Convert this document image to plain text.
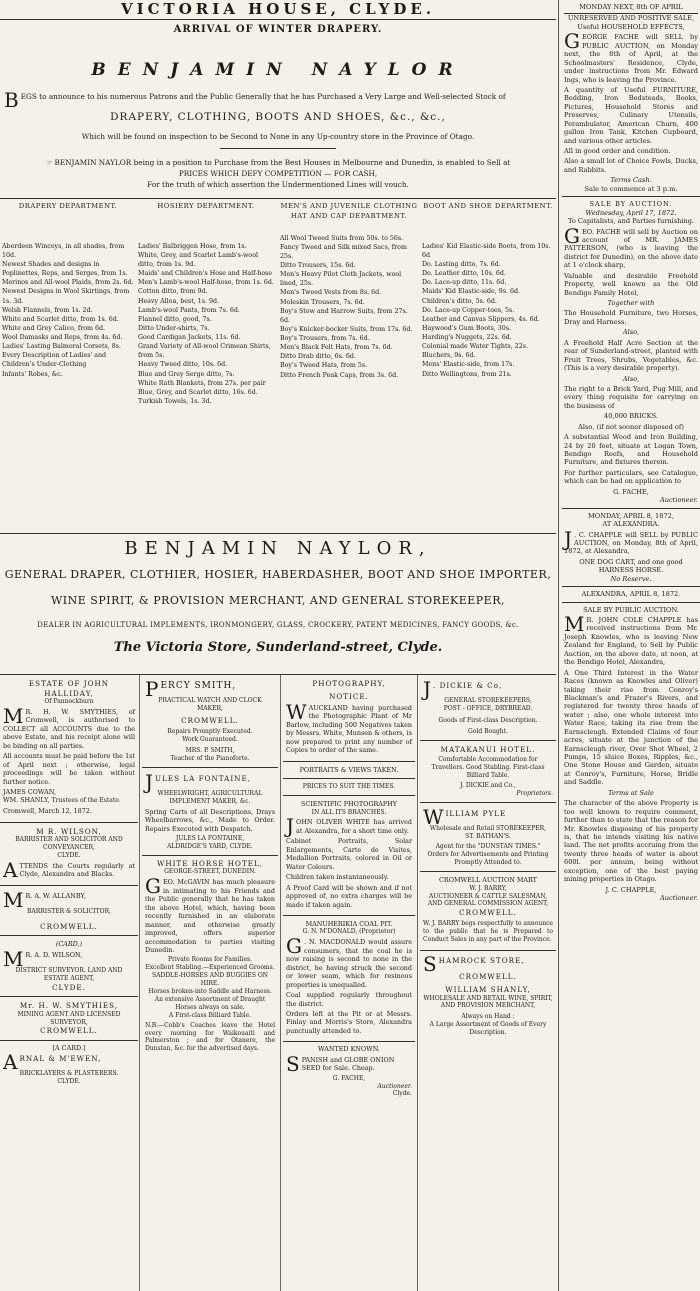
VICTORIA HOUSE, CLYDE.
ARRIVAL OF WINTER DRAPERY.
BENJAMIN NAYLOR
BEGS to announce to his numerous Patrons and the Public Generally that he has Purchased a Very Large and Well-selected Stock of
DRAPERY, CLOTHING, BOOTS AND SHOES, &c., &c.,
Which will be found on inspection to be Second to None in any Up-country store in the Province of Otago.
☞ BENJAMIN NAYLOR being in a position to Purchase from the Best Houses in Melbourne and Dunedin, is enabled to Sell at
PRICES WHICH DEFY COMPETITION — FOR CASH,
For the truth of which assertion the Undermentioned Lines will vouch.
DRAPERY DEPARTMENT.
Aberdeen Winceys, in all shades, from 10d.
Newest Shades and designs in Poplinettes, Reps, and Serges, from 1s.
Merinos and All-wool Plaids, from 2s. 6d.
Newest Designs in Wool Skirtings, from 1s. 3d.
Welsh Flannels, from 1s. 2d.
White and Scarlet ditto, from 1s. 6d.
White and Grey Calico, from 6d.
Wool Damasks and Reps, from 4s. 6d.
Ladies' Lasting Balmoral Corsets, 8s.
Every Description of Ladies' and Children's Under-Clothing
Infants' Robes, &c.
HOSIERY DEPARTMENT.
Ladies' Balbriggen Hose, from 1s.
White, Grey, and Scarlet Lamb's-wool ditto, from 1s. 9d.
Maids' and Children's Hose and Half-hose
Men's Lamb's-wool Half-hose, from 1s. 6d.
Cotton ditto, from 9d.
Heavy Alloa, best, 1s. 9d.
Lamb's-wool Pants, from 7s. 6d.
Flannel ditto, good, 7s.
Ditto Under-shirts, 7s.
Good Cardigan Jackets, 11s. 6d.
Grand Variety of All-wool Crimean Shirts, from 5s.
Heavy Tweed ditto, 10s. 6d.
Blue and Grey Serge ditto, 7s.
White Rath Blankets, from 27s. per pair
Blue, Grey, and Scarlet ditto, 16s. 6d.
Turkish Towels, 1s. 3d.
MEN'S AND JUVENILE CLOTHING HAT AND CAP DEPARTMENT.
All Wool Tweed Suits from 50s. to 56s.
Fancy Tweed and Silk mixed Sacs, from 25s.
Ditto Trousers, 15s. 6d.
Men's Heavy Pilot Cloth Jackets, wool lined, 25s.
Men's Tweed Vests from 8s. 6d.
Moleskin Trousers, 7s. 6d.
Boy's Stow and Harrow Suits, from 27s. 6d.
Boy's Knicker-bocker Suits, from 17s. 6d.
Boy's Trousers, from 7s. 6d.
Men's Black Felt Hats, from 7s. 6d.
Ditto Drab ditto, 6s. 6d.
Boy's Tweed Hats, from 5s.
Ditto French Peak Caps, from 3s. 6d.
BOOT AND SHOE DEPARTMENT.
Ladies' Kid Elastic-side Boots, from 10s. 6d
Do. Lasting ditto, 7s. 6d.
Do. Leather ditto, 10s. 6d.
Do. Lace-up ditto, 11s. 6d.
Maids' Kid Elastic-side, 9s. 6d.
Children's ditto, 5s. 6d.
Do. Lace-up Copper-toes, 5s.
Leather and Canvas Slippers, 4s. 6d.
Haywood's Gum Boots, 30s.
Harding's Nuggets, 22s. 6d.
Colonial made Water Tights, 22s.
Bluchers, 9s. 6d.
Mens' Elastic-side, from 17s.
Ditto Wellingtons, from 21s.
BENJAMIN NAYLOR,
GENERAL DRAPER, CLOTHIER, HOSIER, HABERDASHER, BOOT AND SHOE IMPORTER,
WINE SPIRIT, & PROVISION MERCHANT, AND GENERAL STOREKEEPER,
DEALER IN AGRICULTURAL IMPLEMENTS, IRONMONGERY, GLASS, CROCKERY, PATENT MEDICINES, FANCY GOODS, &c.
The Victoria Store, Sunderland-street, Clyde.
ESTATE OF JOHN HALLIDAY,
Of Pannockburn

M R. H. W. SMYTHIES, of Cromwell, is authorised to COLLECT all ACCOUNTS due to the above Estate, and his receipt alone will be binding on all parties.

All accounts must be paid before the 1st of April next ; otherwise, legal proceedings will be taken without further notice.

JAMES COWAN,
WM. SHANLY, Trustees of the Estate.

Cromwell, March 12, 1872.

M R. WILSON,
BARRISTER AND SOLICITOR AND CONVEYANCER,
CLYDE.

ATTENDS the Courts regularly at Clyde, Alexandra and Blacks.

M R. A. W. ALLANBY,

BARRISTER & SOLICITOR,
CROMWELL.
(CARD.)

M R. A. D. WILSON,

DISTRICT SURVEYOR. LAND AND ESTATE AGENT,
CLYDE.
Mr. H. W. SMYTHIES,
MINING AGENT AND LICENSED SURVEYOR,
CROMWELL.
[A CARD.]

ARNAL & M'EWEN,

BRICKLAYERS & PLASTERERS.
CLYDE.

PERCY SMITH,

PRACTICAL WATCH AND CLOCK MAKER,
CROMWELL.
Repairs Promptly Executed.
Work Guaranteed.
MRS. P. SMITH,
Teacher of the Pianoforte.

JULES LA FONTAINE,

WHEELWRIGHT, AGRICULTURAL IMPLEMENT MAKER, &c.

Spring Carts of all Descriptions, Drays Wheelbarrows, &c., Made to Order. Repairs Executed with Despatch.

JULES LA FONTAINE,
ALDRIDGE'S YARD, CLYDE.
WHITE HORSE HOTEL,
GEORGE-STREET, DUNEDIN.

GEO. McGAVIN has much pleasure in intimating to his Friends and the Public generally that he has taken the above Hotel, which, having been recently furnished in an elaborate manner, and otherwise greatly improved, offers superior accommodation to parties visiting Dunedin.

Private Rooms for Families.
Excellent Stabling.—Experienced Grooms.
SADDLE-HORSES AND BUGGIES ON HIRE.
Horses broken-into Saddle and Harness.
An extensive Assortment of Draught Horses always on sale.
A First-class Billiard Table.

N.B.—Cobb's Coaches leave the Hotel every morning for Waikouaiti and Palmerston ; and for Otanere, the Dunstan, &c. for the advertised days.

PHOTOGRAPHY,
NOTICE.

WAUCKLAND having purchased the Photographic Plant of Mr Barlow, including 500 Negatives taken by Messrs. White, Munsen & others, is now prepared to print any number of Copies to order of the same.

PORTRAITS & VIEWS TAKEN.
PRICES TO SUIT THE TIMES.
SCIENTIFIC PHOTOGRAPHY
IN ALL ITS BRANCHES.

JOHN OLIVER WHITE has arrived at Alexandra, for a short time only.

Cabinet Portraits, Solar Enlargements, Carte de Visites, Medallion Portraits, colored in Oil or Water Colours.

Children taken instantaneously.

A Proof Card will be shown and if not approved of, no extra charges will be made if taken again.

MANUHERIKIA COAL PIT.
G. N. M'DONALD, (Proprietor)

G . N. MACDONALD would assure consumers, that the coal he is now raising is second to none in the district, he having struck the second or lower seam, which for resinous properties is unequalled.

Coal supplied regularly throughout the district.

Orders left at the Pit or at Messrs. Finlay and Morris's Store, Alexandra punctually attended to.

WANTED KNOWN.

SPANISH and GLOBE ONION SEED for Sale. Cheap.

G. FACHE,
Auctioneer.
Clyde.

J . DICKIE & Co,

GENERAL STOREKEEPERS,
POST - OFFICE, DRYBREAD.
Goods of First-class Description.
Gold Bought.
MATAKANUI HOTEL.

Comfortable Accommodation for Travellers. Good Stabling. First-class Billiard Table.

J. DICKIE and Co.,
Proprietors.

WILLIAM PYLE

Wholesale and Retail STOREKEEPER,
ST. BATHAN'S.
Agent for the "DUNSTAN TIMES."
Orders for Advertisements and Printing Promptly Attended to.
CROMWELL AUCTION MART
W. J. BARRY,
AUCTIONEER & CATTLE SALESMAN, AND GENERAL COMMISSION AGENT,
CROMWELL.

W. J. BARRY begs respectfully to announce to the public that he is Prepared to Conduct Sales in any part of the Province.

SHAMROCK STORE,

CROMWELL.
WILLIAM SHANLY,
WHOLESALE AND RETAIL WINE, SPIRIT, AND PROVISION MERCHANT,
Always on Hand :
A Large Assortment of Goods of Every Description.
MONDAY NEXT, 8th OF APRIL
UNRESERVED AND POSITIVE SALE,
Useful HOUSEHOLD EFFECTS,

GEORGE FACHE will SELL by PUBLIC AUCTION, on Monday next, the 8th of April, at the Schoolmasters' Residence, Clyde, under instructions from Mr. Edward Ings, who is leaving the Province.

A quantity of Useful FURNITURE, Bedding, Iron Bedsteads, Books, Pictures, Household Stores and Preserves, Culinary Utensils, Perambulator, American Churn, 400 gallon Iron Tank, Kitchen Cupboard, and various other articles.

All in good order and condition.

Also a small lot of Choice Fowls, Ducks, and Rabbits.

Terms Cash.
Sale to commence at 3 p.m.
SALE BY AUCTION.
Wednesday, April 17, 1872.
To Capitalists, and Parties furnishing.

GEO. FACHE will sell by Auction on account of MR. JAMES PATTERSON, (who is leaving the district for Dunedin), on the above date at 1 o'clock sharp,

Valuable and desirable Freehold Property, well known as the Old Bendigo Family Hotel,

Together with

The Household Furniture, two Horses, Dray and Harness.

Also,

A Freehold Half Acre Section at the rear of Sunderland-street, planted with Fruit Trees, Shrubs, Vegetables, &c. (This is a very desirable property).

Also,

The right to a Brick Yard, Pug Mill, and every thing requisite for carrying on the business of

40,000 BRICKS.

Also, (if not sooner disposed of)

A substantial Wood and Iron Building, 24 by 20 feet, situate at Logan Town, Bendigo Reefs, and Household Furniture, and fixtures therein.

For further particulars, see Catalogue, which can be had on application to

G. FACHE,
Auctioneer.
MONDAY, APRIL 8, 1872,
AT ALEXANDRA.

J . C. CHAPPLE will SELL by PUBLIC AUCTION, on Monday, 8th of April, 1872, at Alexandra,

ONE DOG CART, and one good HARNESS HORSE.
No Reserve.
ALEXANDRA, APRIL 8, 1872.
SALE BY PUBLIC AUCTION.

M R. JOHN COLE CHAPPLE has received instructions from Mr. Joseph Knowles, who is leaving New Zealand for England, to Sell by Public Auction, on the above date, at noon, at the Bendigo Hotel, Alexandra,

A One Third Interest in the Water Races (known as Knowles and Oliver) taking their rise from Conroy's Blackman's and Frazer's Rivers, and registered for twenty three heads of water ; also, one whole interest into Water Race, taking its rise from the Earnscleugh. Extended Claims of four acres, situate at the junction of the Earnscleugh river, Over Shot Wheel, 2 Pumps, 15 sluice Boxes, Ripples, &c., One Stone House and Garden, situate at Conroy's, Furniture, Horse, Bridle and Saddle.

Terms at Sale

The character of the above Property is too well known to require comment, further than to state that the reason for Mr. Knowles disposing of his property is, that he intends visiting his native land. The net profits accruing from the twenty three heads of water is about 600l. per annum, being without exception, one of the best paying mining properties in Otago.

J. C. CHAPPLE,
Auctioneer.
